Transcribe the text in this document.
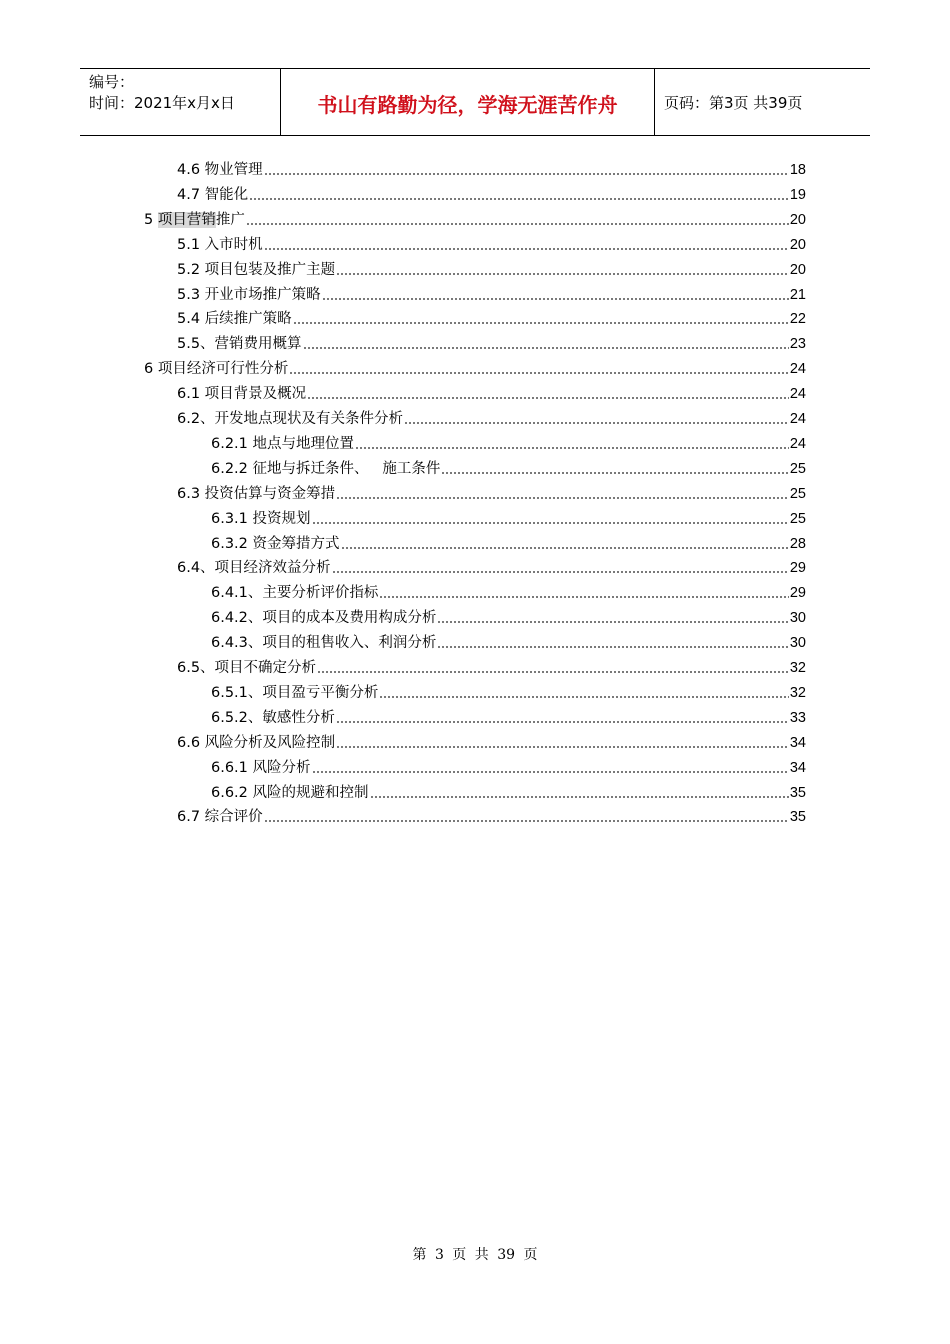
编号：
时间：2021年x月x日	书山有路勤为径，学海无涯苦作舟	页码：第3页 共39页
4.6 物业管理	18
4.7 智能化	19
5 项目营销推广	20
5.1 入市时机	20
5.2 项目包装及推广主题	20
5.3 开业市场推广策略	21
5.4 后续推广策略	22
5.5、营销费用概算	23
6 项目经济可行性分析	24
6.1 项目背景及概况	24
6.2、开发地点现状及有关条件分析	24
6.2.1 地点与地理位置	24
6.2.2 征地与拆迁条件、   施工条件	25
6.3 投资估算与资金筹措	25
6.3.1 投资规划	25
6.3.2 资金筹措方式	28
6.4、项目经济效益分析	29
6.4.1、主要分析评价指标	29
6.4.2、项目的成本及费用构成分析	30
6.4.3、项目的租售收入、利润分析	30
6.5、项目不确定分析	32
6.5.1、项目盈亏平衡分析	32
6.5.2、敏感性分析	33
6.6 风险分析及风险控制	34
6.6.1 风险分析	34
6.6.2 风险的规避和控制	35
6.7 综合评价	35
第 3 页 共 39 页
